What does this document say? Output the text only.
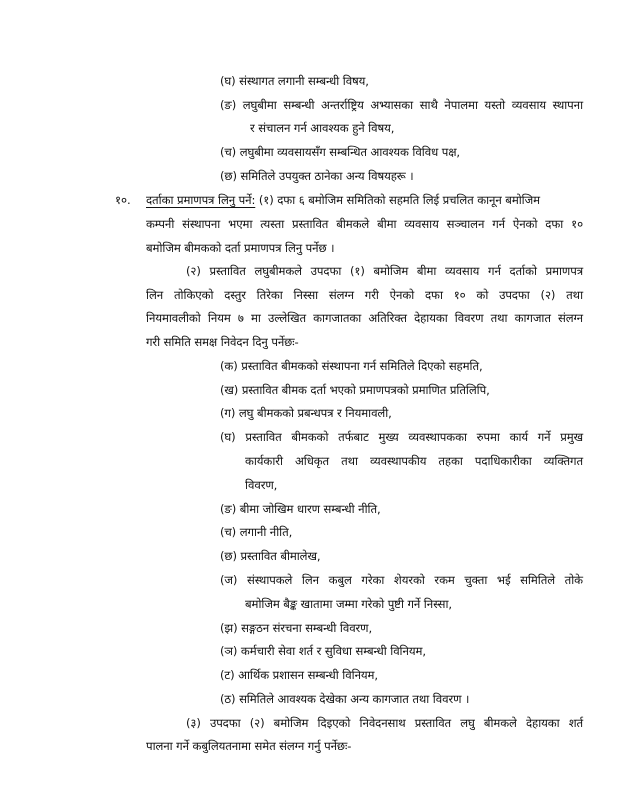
(घ) संस्थागत लगानी सम्बन्धी विषय,

(ङ) लघुबीमा सम्बन्धी अन्तर्राष्ट्रिय अभ्यासका साथै नेपालमा यस्तो व्यवसाय स्थापना

र संचालन गर्न आवश्यक हुने विषय,

(च) लघुबीमा व्यवसायसँग सम्बन्धित आवश्यक विविध पक्ष,

(छ) समितिले उपयुक्त ठानेका अन्य विषयहरू ।

१०. दर्ताका प्रमाणपत्र लिनु पर्ने: (१) दफा ६ बमोजिम समितिको सहमति लिई प्रचलित कानून बमोजिम

कम्पनी संस्थापना भएमा त्यस्ता प्रस्तावित बीमकले बीमा व्यवसाय सञ्चालन गर्न ऐनको दफा १०

बमोजिम बीमकको दर्ता प्रमाणपत्र लिनु पर्नेछ ।

(२) प्रस्तावित लघुबीमकले उपदफा (१) बमोजिम बीमा व्यवसाय गर्न दर्ताको प्रमाणपत्र

लिन तोकिएको दस्तुर तिरेका निस्सा संलग्न गरी ऐनको दफा १० को उपदफा (२) तथा

नियमावलीको नियम ७ मा उल्लेखित कागजातका अतिरिक्त देहायका विवरण तथा कागजात संलग्न

गरी समिति समक्ष निवेदन दिनु पर्नेछः-

(क) प्रस्तावित बीमकको संस्थापना गर्न समितिले दिएको सहमति,

(ख) प्रस्तावित बीमक दर्ता भएको प्रमाणपत्रको प्रमाणित प्रतिलिपि,

(ग) लघु बीमकको प्रबन्धपत्र र नियमावली,

(घ) प्रस्तावित बीमकको तर्फबाट मुख्य व्यवस्थापकका रुपमा कार्य गर्ने प्रमुख

कार्यकारी अधिकृत तथा व्यवस्थापकीय तहका पदाधिकारीका व्यक्तिगत

विवरण,

(ङ) बीमा जोखिम धारण सम्बन्धी नीति,

(च) लगानी नीति,

(छ) प्रस्तावित बीमालेख,

(ज) संस्थापकले लिन कबुल गरेका शेयरको रकम चुक्ता भई समितिले तोके

बमोजिम बैङ्क खातामा जम्मा गरेको पुष्टी गर्ने निस्सा,

(झ) सङ्गठन संरचना सम्बन्धी विवरण,

(ञ) कर्मचारी सेवा शर्त र सुविधा सम्बन्धी विनियम,

(ट) आर्थिक प्रशासन सम्बन्धी विनियम,

(ठ) समितिले आवश्यक देखेका अन्य कागजात तथा विवरण ।

(३) उपदफा (२) बमोजिम दिइएको निवेदनसाथ प्रस्तावित लघु बीमकले देहायका शर्त

पालना गर्ने कबुलियतनामा समेत संलग्न गर्नु पर्नेछः-
